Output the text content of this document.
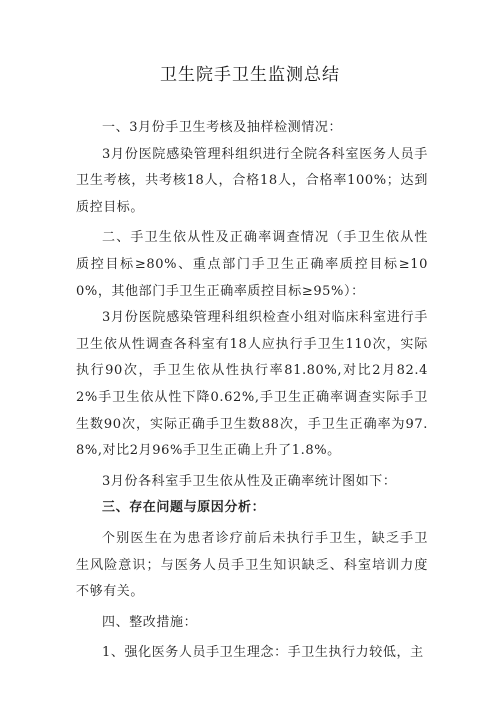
卫生院手卫生监测总结

一、3月份手卫生考核及抽样检测情况：

3月份医院感染管理科组织进行全院各科室医务人员手卫生考核，共考核18人，合格18人，合格率100%；达到质控目标。

二、手卫生依从性及正确率调查情况（手卫生依从性质控目标≥80%、重点部门手卫生正确率质控目标≥100%，其他部门手卫生正确率质控目标≥95%）：

3月份医院感染管理科组织检查小组对临床科室进行手卫生依从性调查各科室有18人应执行手卫生110次，实际执行90次，手卫生依从性执行率81.80%,对比2月82.42%手卫生依从性下降0.62%,手卫生正确率调查实际手卫生数90次，实际正确手卫生数88次，手卫生正确率为97.8%,对比2月96%手卫生正确上升了1.8%。

3月份各科室手卫生依从性及正确率统计图如下：

三、存在问题与原因分析：

个别医生在为患者诊疗前后未执行手卫生，缺乏手卫生风险意识；与医务人员手卫生知识缺乏、科室培训力度不够有关。

四、整改措施：

1、强化医务人员手卫生理念：手卫生执行力较低，主
